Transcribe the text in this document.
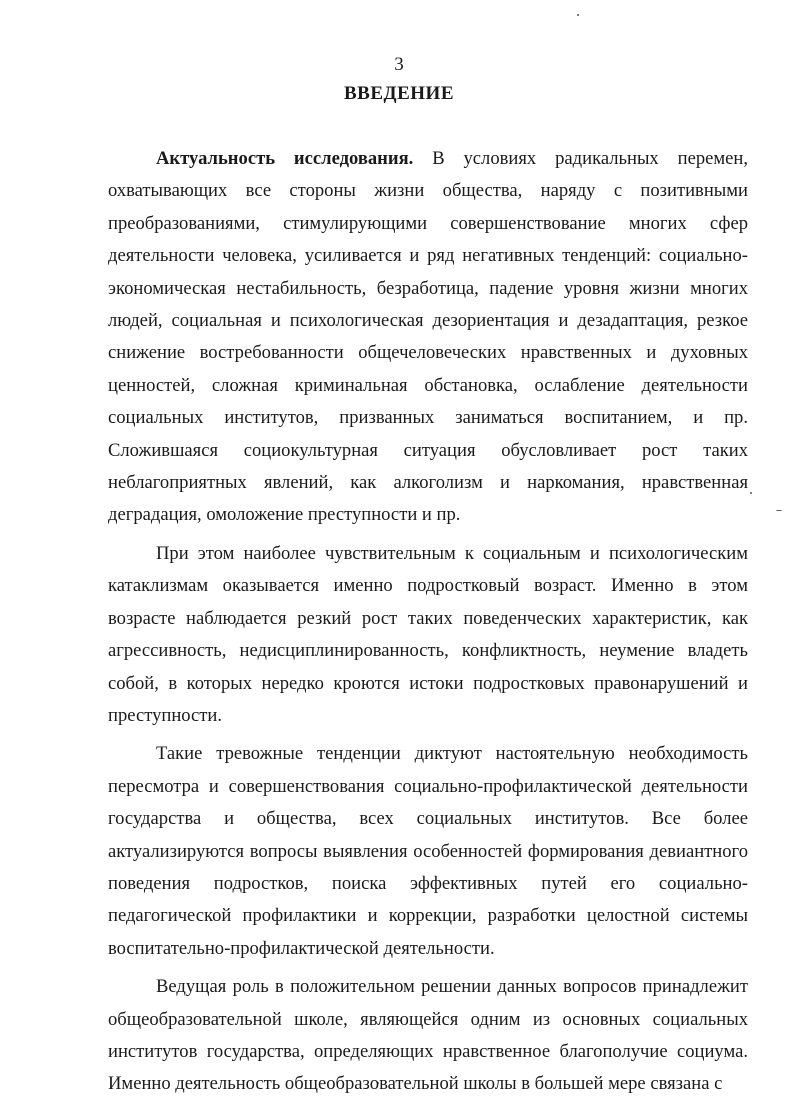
3
ВВЕДЕНИЕ

Актуальность исследования. В условиях радикальных перемен, охватывающих все стороны жизни общества, наряду с позитивными преобразованиями, стимулирующими совершенствование многих сфер деятельности человека, усиливается и ряд негативных тенденций: социально-экономическая нестабильность, безработица, падение уровня жизни многих людей, социальная и психологическая дезориентация и дезадаптация, резкое снижение востребованности общечеловеческих нравственных и духовных ценностей, сложная криминальная обстановка, ослабление деятельности социальных институтов, призванных заниматься воспитанием, и пр. Сложившаяся социокультурная ситуация обусловливает рост таких неблагоприятных явлений, как алкоголизм и наркомания, нравственная деградация, омоложение преступности и пр.

При этом наиболее чувствительным к социальным и психологическим катаклизмам оказывается именно подростковый возраст. Именно в этом возрасте наблюдается резкий рост таких поведенческих характеристик, как агрессивность, недисциплинированность, конфликтность, неумение владеть собой, в которых нередко кроются истоки подростковых правонарушений и преступности.

Такие тревожные тенденции диктуют настоятельную необходимость пересмотра и совершенствования социально-профилактической деятельности государства и общества, всех социальных институтов. Все более актуализируются вопросы выявления особенностей формирования девиантного поведения подростков, поиска эффективных путей его социально-педагогической профилактики и коррекции, разработки целостной системы воспитательно-профилактической деятельности.

Ведущая роль в положительном решении данных вопросов принадлежит общеобразовательной школе, являющейся одним из основных социальных институтов государства, определяющих нравственное благополучие социума. Именно деятельность общеобразовательной школы в большей мере связана с
